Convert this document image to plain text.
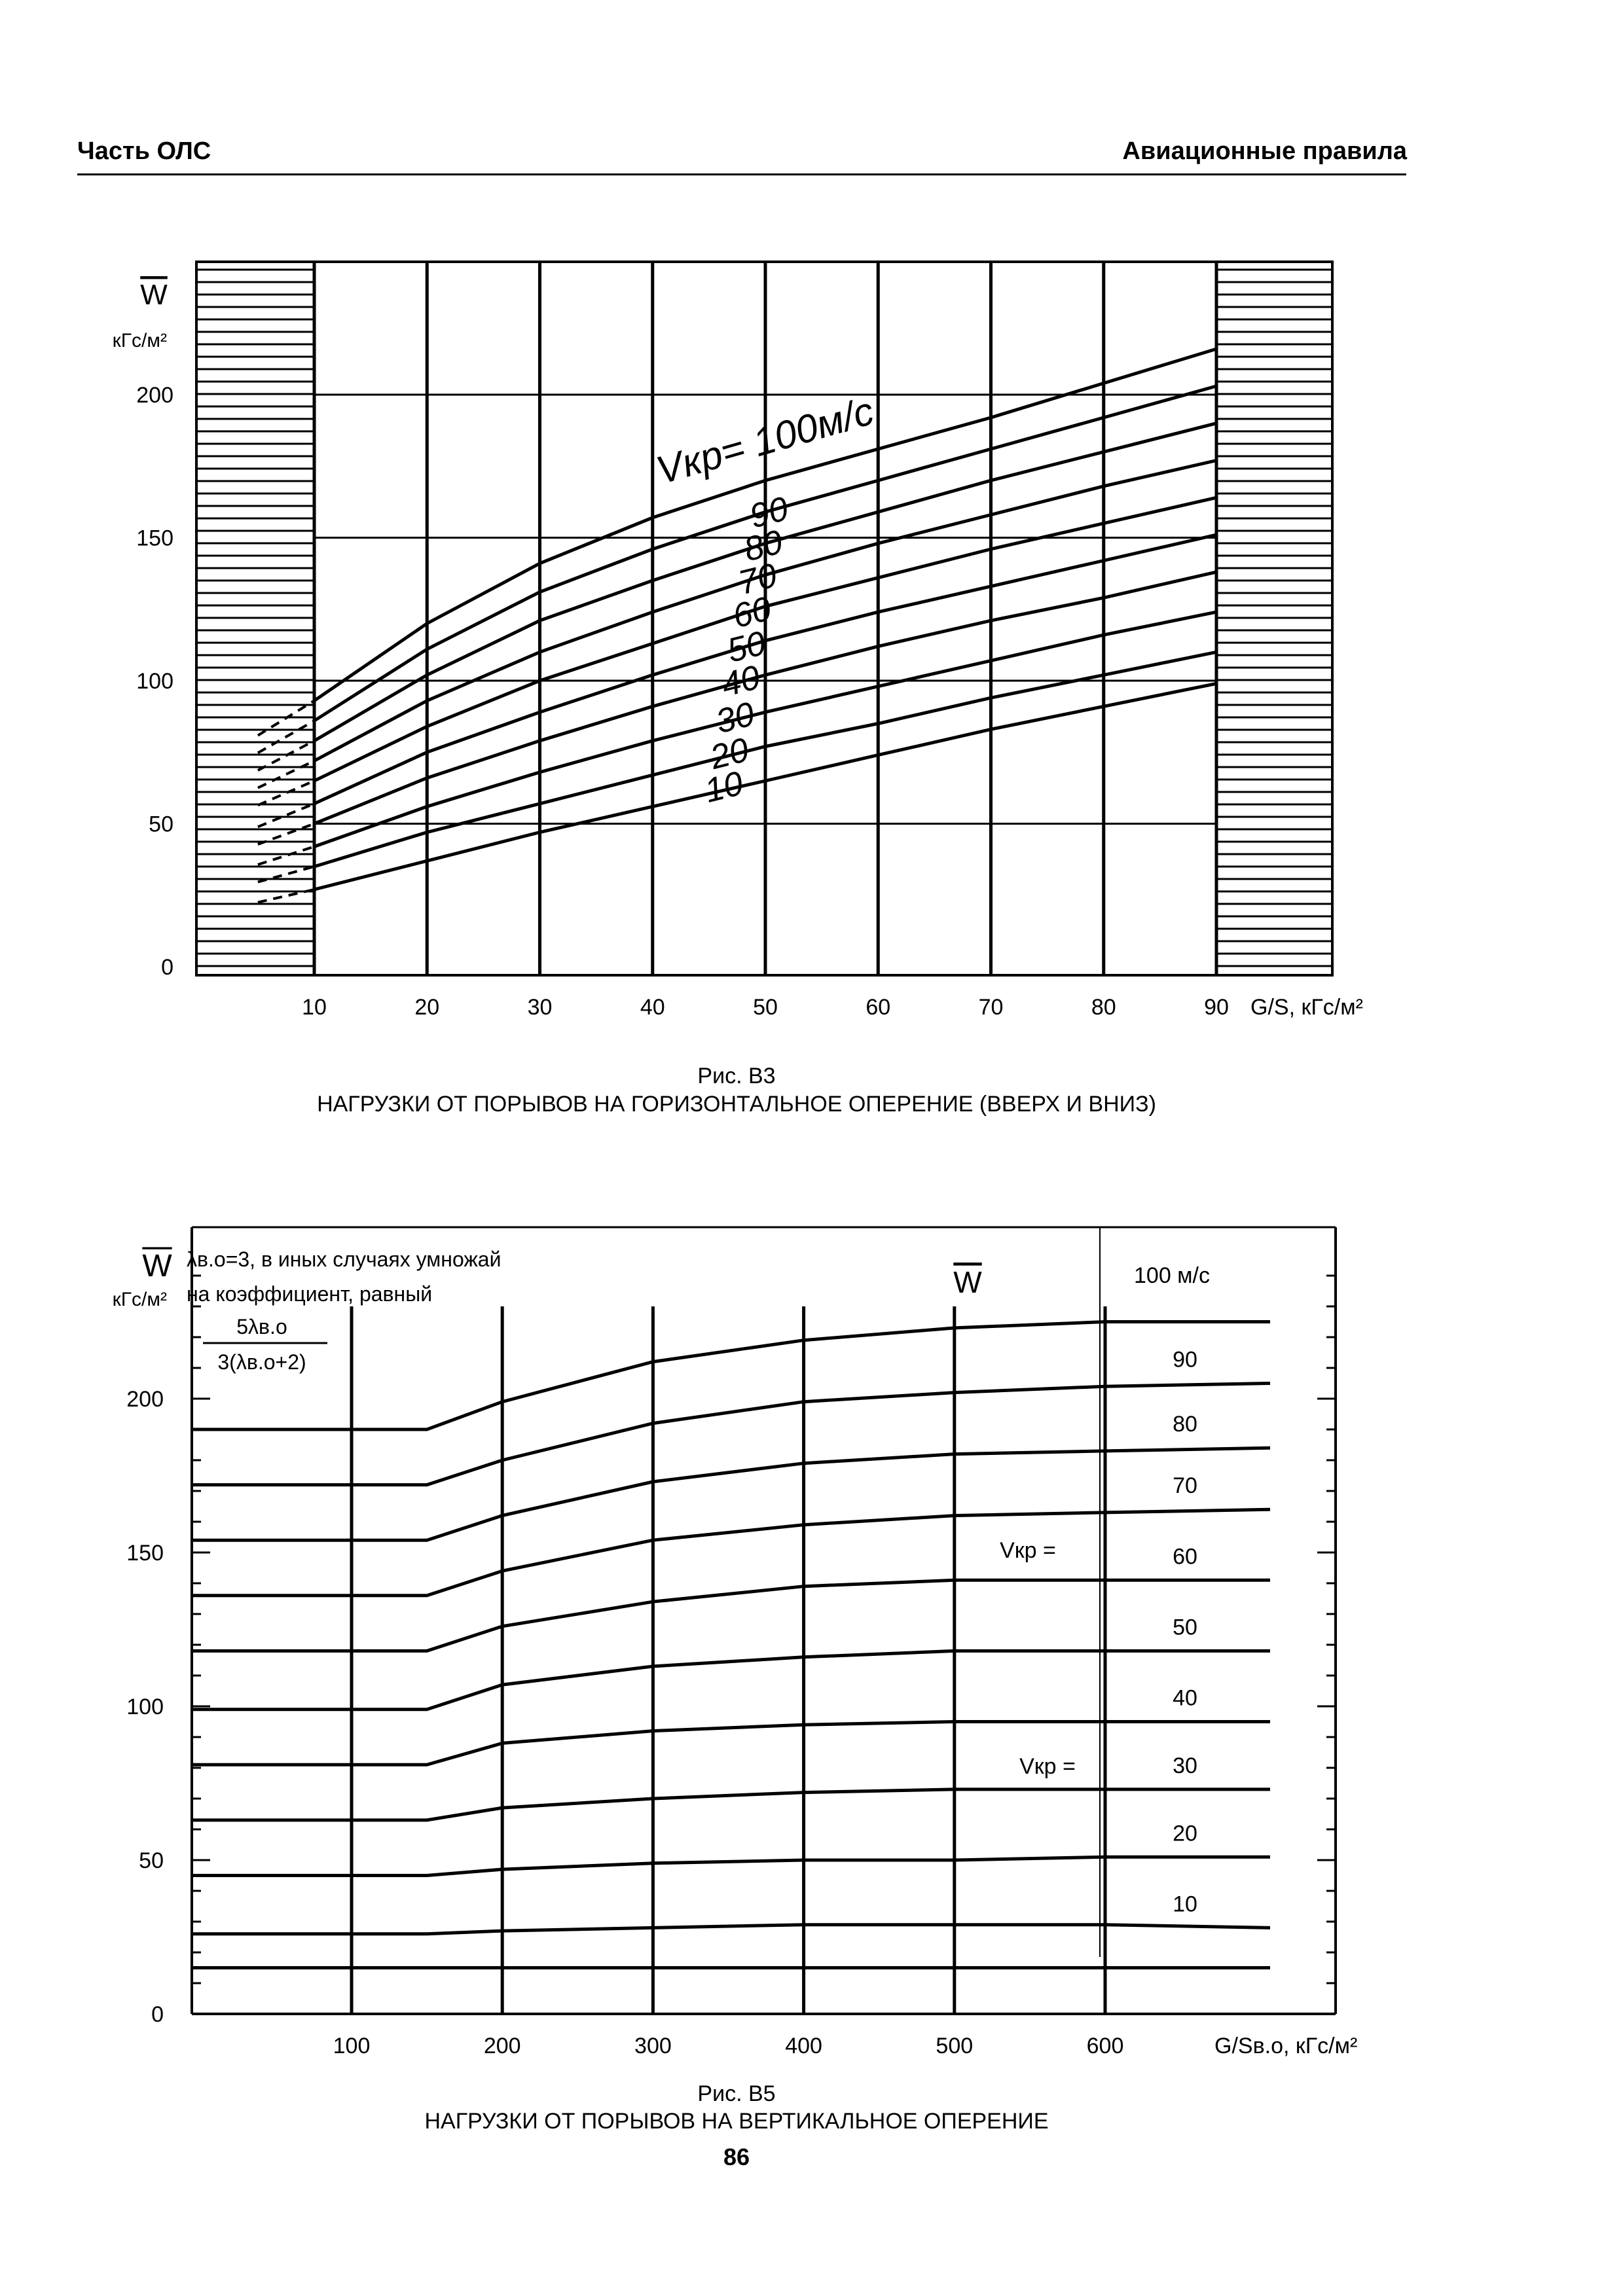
Часть ОЛС	Авиационные правила
10	20	30	40	50	60	70	80	90
0
50
100
150
200
G/S, кГс/м²
W
кГс/м²
Vкр= 100м/с
90
80
70
60
50
40
30
20
10
Рис. В3
НАГРУЗКИ ОТ ПОРЫВОВ НА ГОРИЗОНТАЛЬНОЕ ОПЕРЕНИЕ (ВВЕРХ И ВНИЗ)
100	200	300	400	500	600
0
50
100
150
200
G/Sв.о, кГс/м²
W
кГс/м²
λв.о=3, в иных случаях умножай
на коэффициент, равный
5λв.о
3(λв.о+2)
W	100 м/с
Vкр =
Vкр =
90
80
70
60
50
40
30
20
10
Рис. В5
НАГРУЗКИ ОТ ПОРЫВОВ НА ВЕРТИКАЛЬНОЕ ОПЕРЕНИЕ
86
